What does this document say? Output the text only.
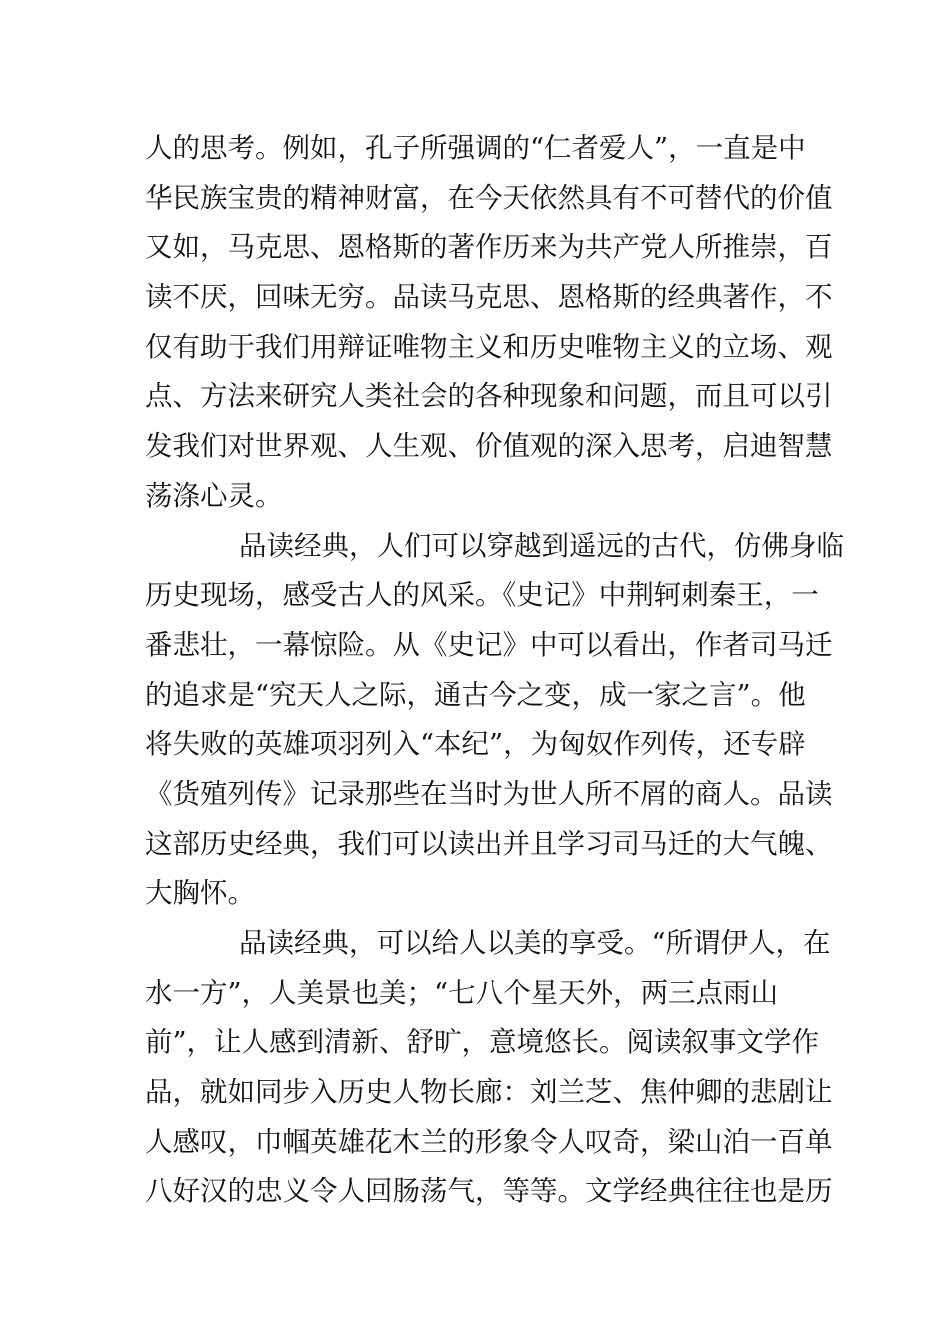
人的思考。例如，孔子所强调的“仁者爱人”，一直是中
华民族宝贵的精神财富，在今天依然具有不可替代的价值
又如，马克思、恩格斯的著作历来为共产党人所推崇，百
读不厌，回味无穷。品读马克思、恩格斯的经典著作，不
仅有助于我们用辩证唯物主义和历史唯物主义的立场、观
点、方法来研究人类社会的各种现象和问题，而且可以引
发我们对世界观、人生观、价值观的深入思考，启迪智慧
荡涤心灵。
品读经典，人们可以穿越到遥远的古代，仿佛身临
历史现场，感受古人的风采。《史记》中荆轲刺秦王，一
番悲壮，一幕惊险。从《史记》中可以看出，作者司马迁
的追求是“究天人之际，通古今之变，成一家之言”。他
将失败的英雄项羽列入“本纪”，为匈奴作列传，还专辟
《货殖列传》记录那些在当时为世人所不屑的商人。品读
这部历史经典，我们可以读出并且学习司马迁的大气魄、
大胸怀。
品读经典，可以给人以美的享受。“所谓伊人，在
水一方”，人美景也美；“七八个星天外，两三点雨山
前”，让人感到清新、舒旷，意境悠长。阅读叙事文学作
品，就如同步入历史人物长廊：刘兰芝、焦仲卿的悲剧让
人感叹，巾帼英雄花木兰的形象令人叹奇，梁山泊一百单
八好汉的忠义令人回肠荡气，等等。文学经典往往也是历
